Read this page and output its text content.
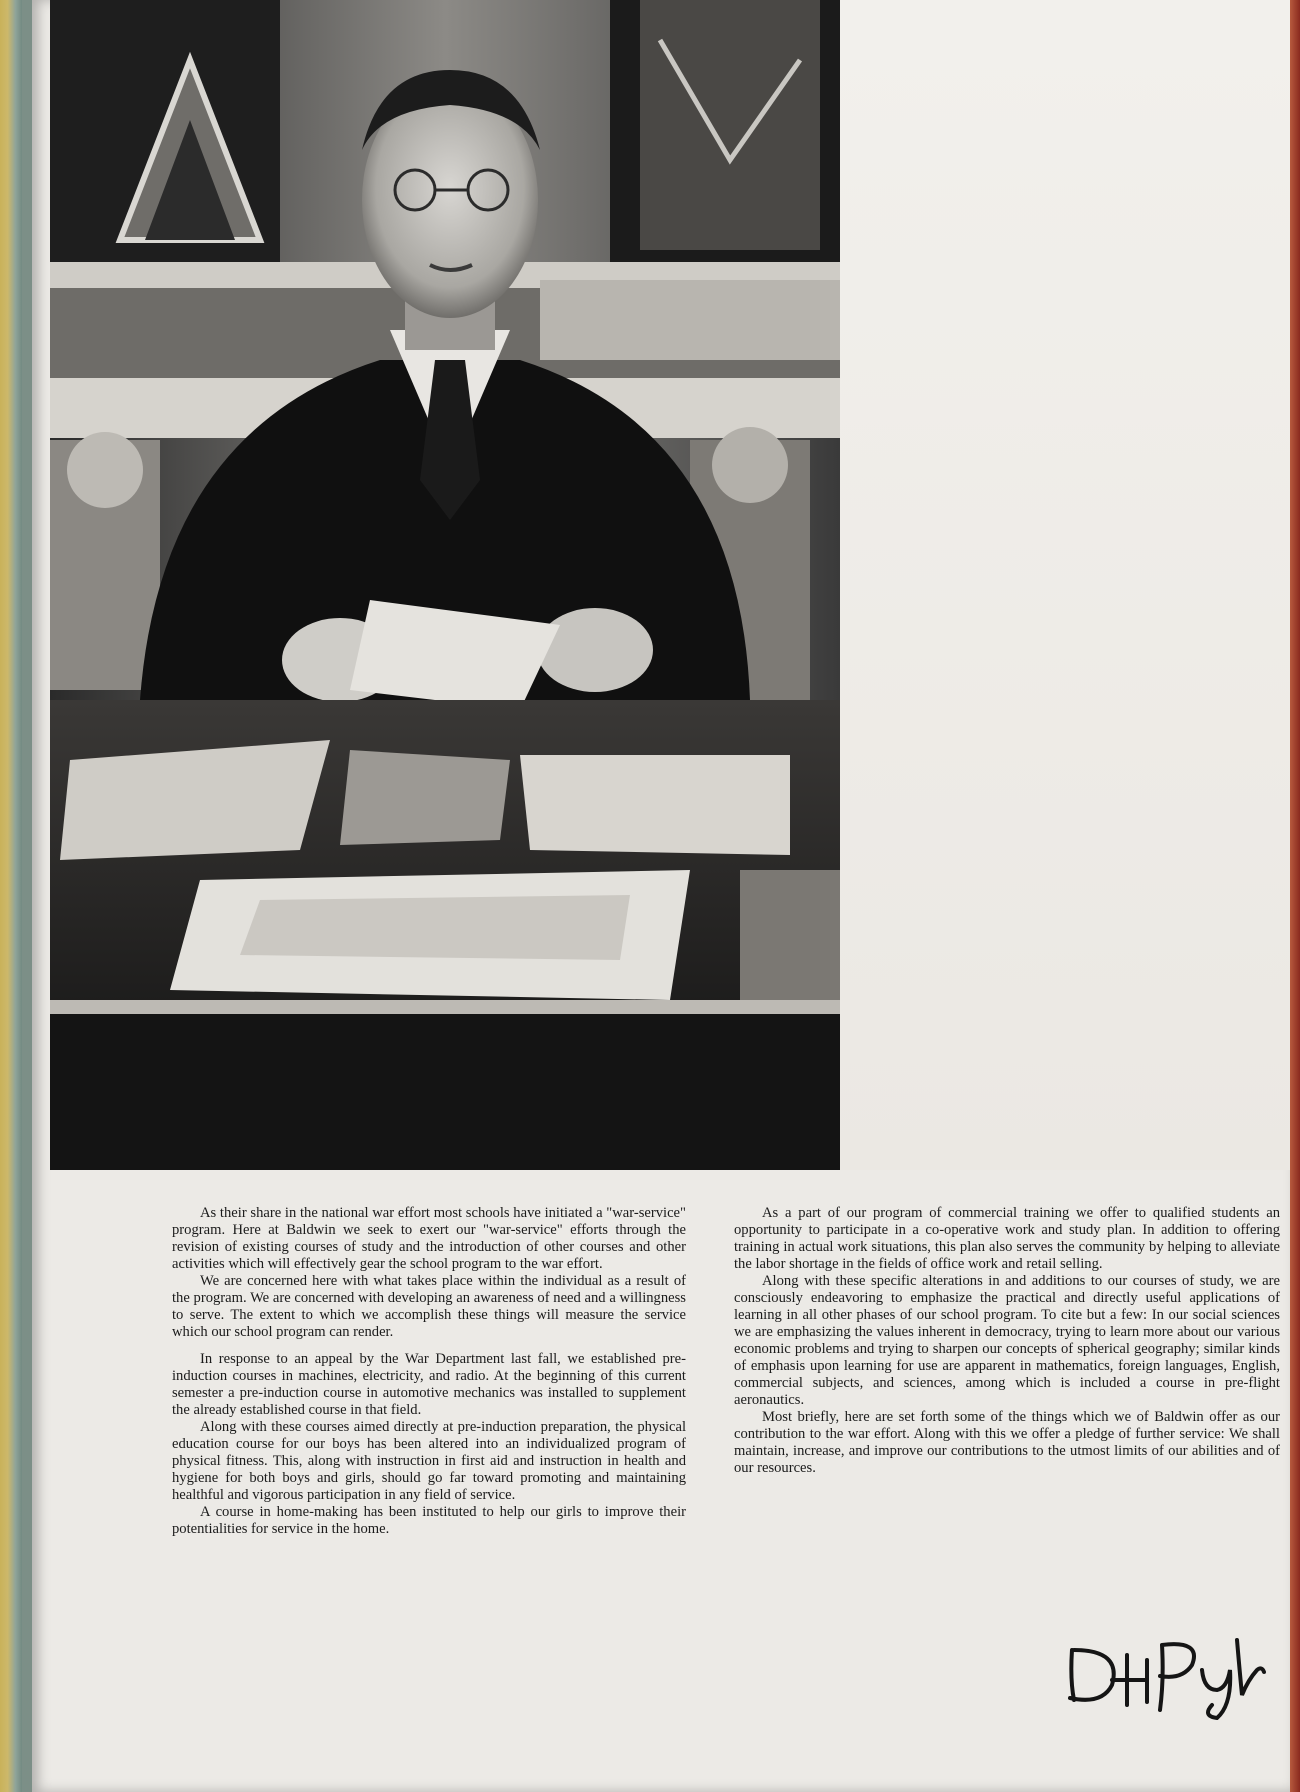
As their share in the national war effort most schools have initiated a "war-service" program. Here at Baldwin we seek to exert our "war-service" efforts through the revision of existing courses of study and the introduction of other courses and other activities which will effectively gear the school program to the war effort.

We are concerned here with what takes place within the individual as a result of the program. We are concerned with developing an awareness of need and a willingness to serve. The extent to which we accomplish these things will measure the service which our school program can render.

In response to an appeal by the War Department last fall, we established pre-induction courses in machines, electricity, and radio. At the beginning of this current semester a pre-induction course in automotive mechanics was installed to supplement the already established course in that field.

Along with these courses aimed directly at pre-induction preparation, the physical education course for our boys has been altered into an individualized program of physical fitness. This, along with instruction in first aid and instruction in health and hygiene for both boys and girls, should go far toward promoting and maintaining healthful and vigorous participation in any field of service.

A course in home-making has been instituted to help our girls to improve their potentialities for service in the home.

As a part of our program of commercial training we offer to qualified students an opportunity to participate in a co-operative work and study plan. In addition to offering training in actual work situations, this plan also serves the community by helping to alleviate the labor shortage in the fields of office work and retail selling.

Along with these specific alterations in and additions to our courses of study, we are consciously endeavoring to emphasize the practical and directly useful applications of learning in all other phases of our school program. To cite but a few: In our social sciences we are emphasizing the values inherent in democracy, trying to learn more about our various economic problems and trying to sharpen our concepts of spherical geography; similar kinds of emphasis upon learning for use are apparent in mathematics, foreign languages, English, commercial subjects, and sciences, among which is included a course in pre-flight aeronautics.

Most briefly, here are set forth some of the things which we of Baldwin offer as our contribution to the war effort. Along with this we offer a pledge of further service: We shall maintain, increase, and improve our contributions to the utmost limits of our abilities and of our resources.
